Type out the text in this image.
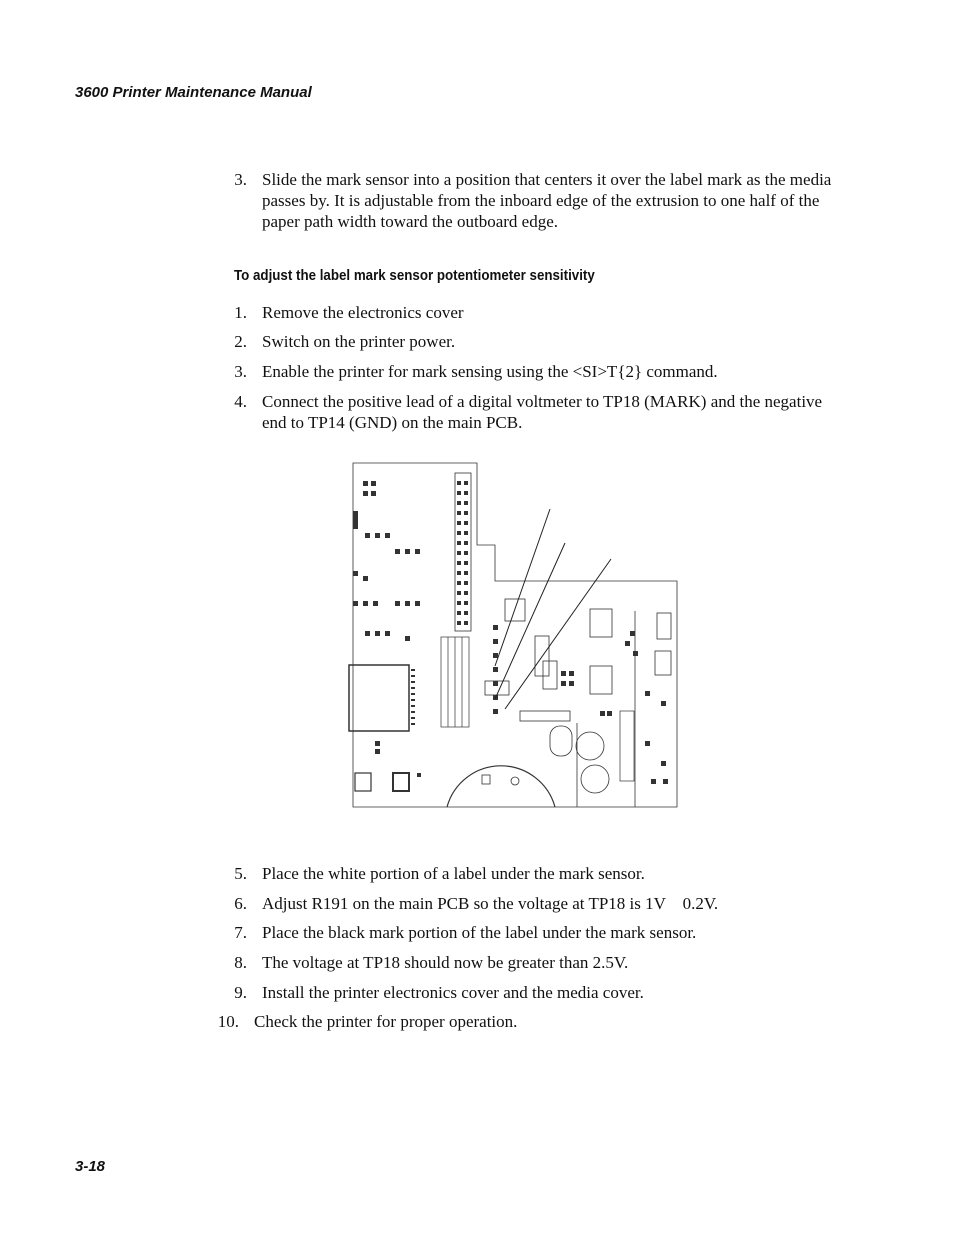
3600 Printer Maintenance Manual
3. Slide the mark sensor into a position that centers it over the label mark as the media passes by. It is adjustable from the inboard edge of the extrusion to one half of the paper path width toward the outboard edge.
To adjust the label mark sensor potentiometer sensitivity
1. Remove the electronics cover
2. Switch on the printer power.
3. Enable the printer for mark sensing using the <SI>T{2} command.
4. Connect the positive lead of a digital voltmeter to TP18 (MARK) and the negative end to TP14 (GND) on the main PCB.
5. Place the white portion of a label under the mark sensor.
6. Adjust R191 on the main PCB so the voltage at TP18 is 1V    0.2V.
7. Place the black mark portion of the label under the mark sensor.
8. The voltage at TP18 should now be greater than 2.5V.
9. Install the printer electronics cover and the media cover.
10. Check the printer for proper operation.
3-18
